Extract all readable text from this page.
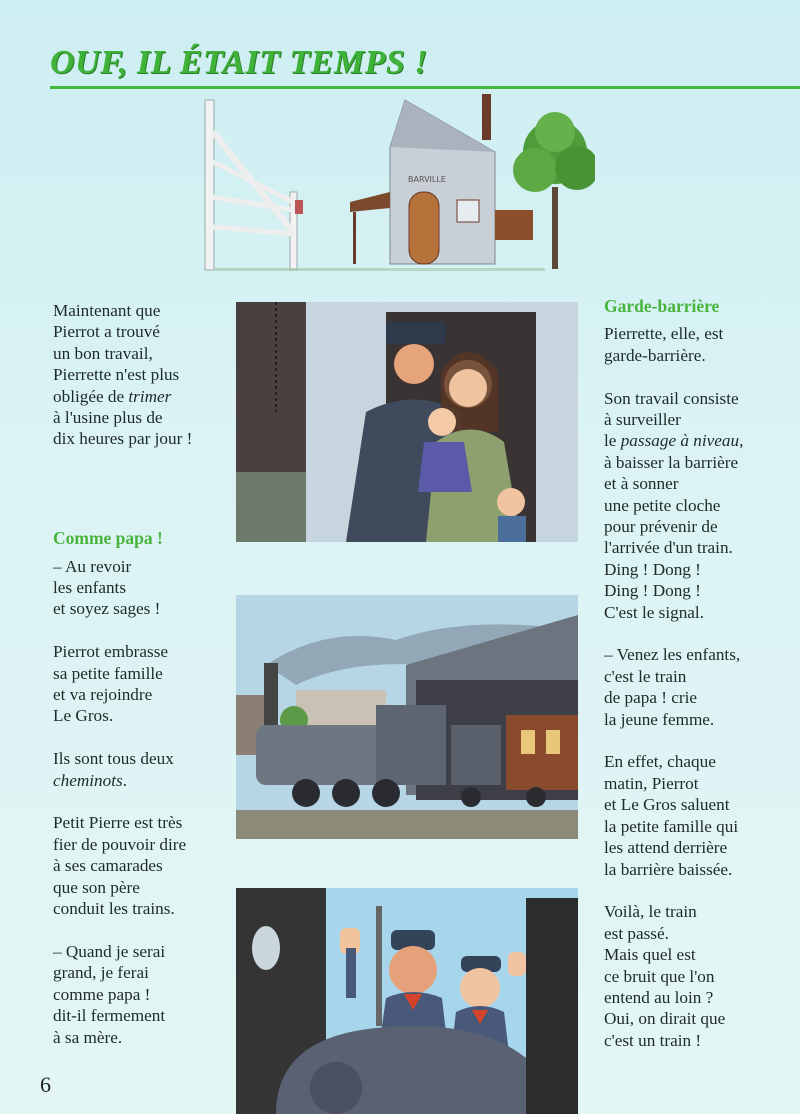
OUF, IL ÉTAIT TEMPS !
BARVILLE

Maintenant que
Pierrot a trouvé
un bon travail,
Pierrette n'est plus
obligée de trimer
à l'usine plus de
dix heures par jour !

Comme papa !

– Au revoir
les enfants
et soyez sages !

Pierrot embrasse
sa petite famille
et va rejoindre
Le Gros.

Ils sont tous deux
cheminots.

Petit Pierre est très
fier de pouvoir dire
à ses camarades
que son père
conduit les trains.

– Quand je serai
grand, je ferai
comme papa !
dit-il fermement
à sa mère.

Garde-barrière

Pierrette, elle, est
garde-barrière.

Son travail consiste
à surveiller
le passage à niveau,
à baisser la barrière
et à sonner
une petite cloche
pour prévenir de
l'arrivée d'un train.
Ding ! Dong !
Ding ! Dong !
C'est le signal.

– Venez les enfants,
c'est le train
de papa ! crie
la jeune femme.

En effet, chaque
matin, Pierrot
et Le Gros saluent
la petite famille qui
les attend derrière
la barrière baissée.

Voilà, le train
est passé.
Mais quel est
ce bruit que l'on
entend au loin ?
Oui, on dirait que
c'est un train !

6
